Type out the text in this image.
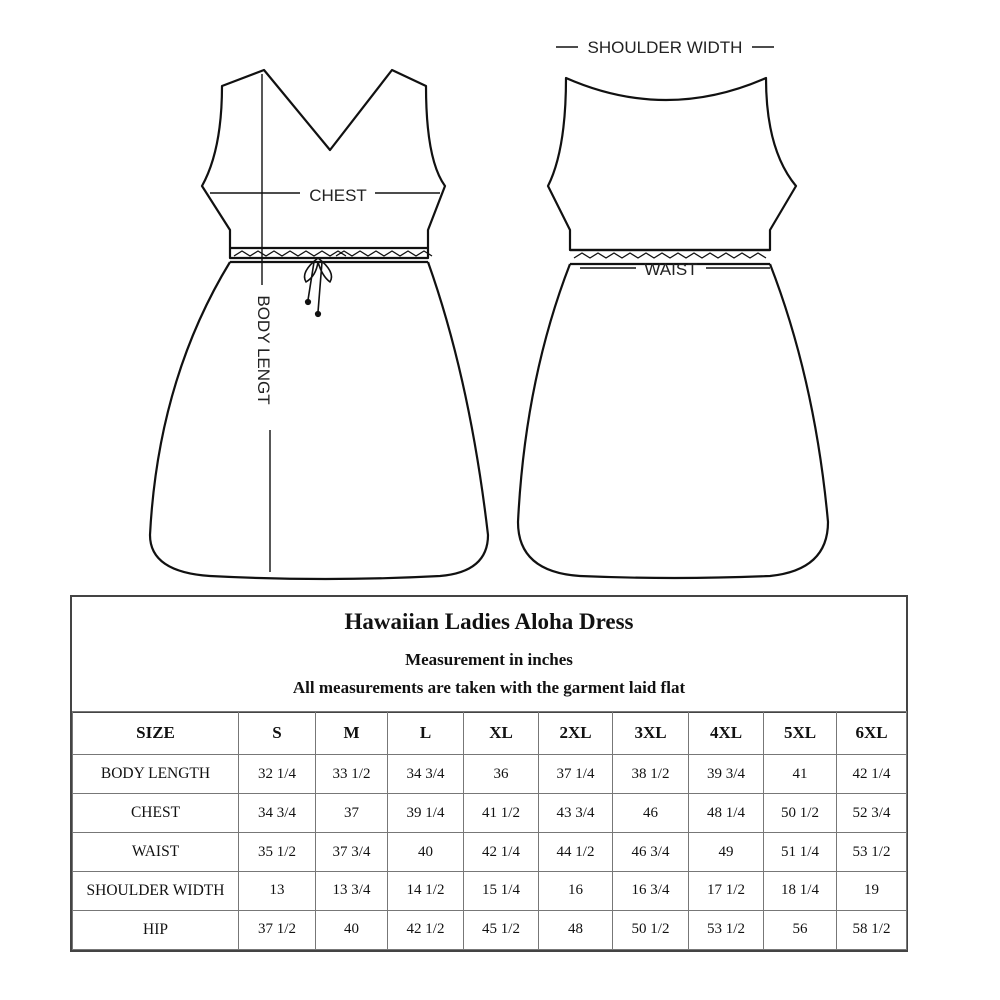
CHEST
BODY LENGT
SHOULDER WIDTH
WAIST
Hawaiian Ladies Aloha Dress
Measurement in inches
All measurements are taken with the garment laid flat
SIZE	S	M	L	XL	2XL	3XL	4XL	5XL	6XL
BODY LENGTH	32 1/4	33 1/2	34 3/4	36	37 1/4	38 1/2	39 3/4	41	42 1/4
CHEST	34 3/4	37	39 1/4	41 1/2	43 3/4	46	48 1/4	50 1/2	52 3/4
WAIST	35 1/2	37 3/4	40	42 1/4	44 1/2	46 3/4	49	51 1/4	53 1/2
SHOULDER WIDTH	13	13 3/4	14 1/2	15 1/4	16	16 3/4	17 1/2	18 1/4	19
HIP	37 1/2	40	42 1/2	45 1/2	48	50 1/2	53 1/2	56	58 1/2
